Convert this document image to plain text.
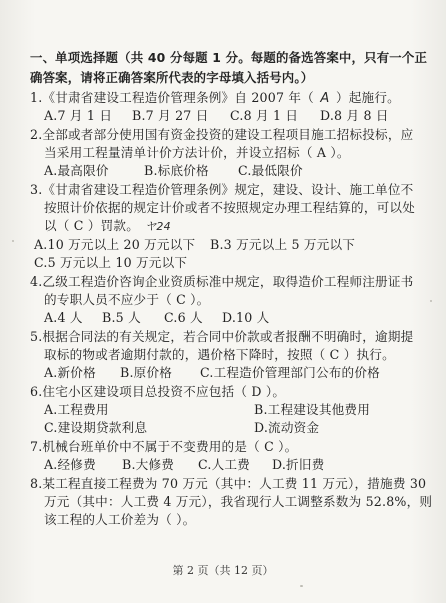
一、单项选择题（共 40 分每题 1 分。每题的备选答案中，只有一个正
确答案，请将正确答案所代表的字母填入括号内。）
1.《甘肃省建设工程造价管理条例》自 2007 年（ A ）起施行。
A.7 月 1 日 B.7 月 27 日 C.8 月 1 日 D.8 月 8 日
2.全部或者部分使用国有资金投资的建设工程项目施工招标投标，应
当采用工程量清单计价方法计价，并设立招标（ A ）。
A.最高限价	B.标底价格 C.最低限价
3.《甘肃省建设工程造价管理条例》规定，建设、设计、施工单位不
按照计价依据的规定计价或者不按照规定办理工程结算的，可以处
以（ C ）罚款。 ヤ24
A.10 万元以上 20 万元以下 B.3 万元以上 5 万元以下
C.5 万元以上 10 万元以下
4.乙级工程造价咨询企业资质标准中规定，取得造价工程师注册证书
的专职人员不应少于（ C ）。
A.4 人 B.5 人 C.6 人 D.10 人
5.根据合同法的有关规定，若合同中价款或者报酬不明确时，逾期提
取标的物或者逾期付款的，遇价格下降时，按照（ C ）执行。
A.新价格 B.原价格 C.工程造价管理部门公布的价格
6.住宅小区建设项目总投资不应包括（ D ）。
A.工程费用	B.工程建设其他费用
C.建设期贷款利息	D.流动资金
7.机械台班单价中不属于不变费用的是（ C ）。
A.经修费 B.大修费 C.人工费 D.折旧费
8.某工程直接工程费为 70 万元（其中：人工费 11 万元），措施费 30
万元（其中：人工费 4 万元），我省现行人工调整系数为 52.8%，则
该工程的人工价差为（ ）。
第 2 页（共 12 页）
